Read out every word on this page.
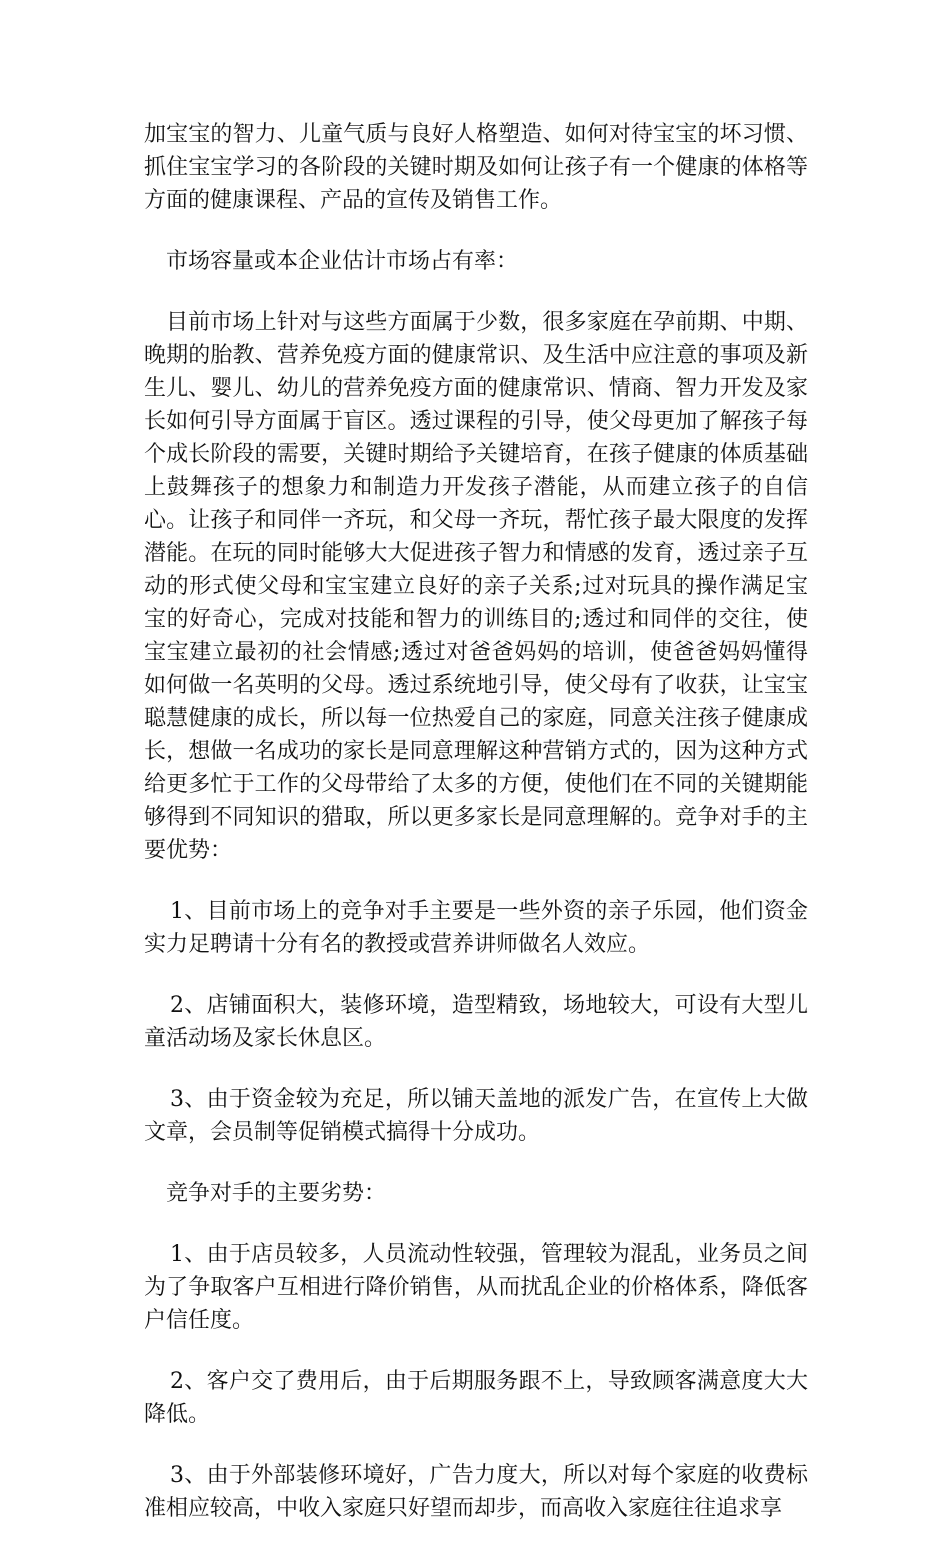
加宝宝的智力、儿童气质与良好人格塑造、如何对待宝宝的坏习惯、抓住宝宝学习的各阶段的关键时期及如何让孩子有一个健康的体格等方面的健康课程、产品的宣传及销售工作。

市场容量或本企业估计市场占有率：

目前市场上针对与这些方面属于少数，很多家庭在孕前期、中期、晚期的胎教、营养免疫方面的健康常识、及生活中应注意的事项及新生儿、婴儿、幼儿的营养免疫方面的健康常识、情商、智力开发及家长如何引导方面属于盲区。透过课程的引导，使父母更加了解孩子每个成长阶段的需要，关键时期给予关键培育，在孩子健康的体质基础上鼓舞孩子的想象力和制造力开发孩子潜能，从而建立孩子的自信心。让孩子和同伴一齐玩，和父母一齐玩，帮忙孩子最大限度的发挥潜能。在玩的同时能够大大促进孩子智力和情感的发育，透过亲子互动的形式使父母和宝宝建立良好的亲子关系;过对玩具的操作满足宝宝的好奇心，完成对技能和智力的训练目的;透过和同伴的交往，使宝宝建立最初的社会情感;透过对爸爸妈妈的培训，使爸爸妈妈懂得如何做一名英明的父母。透过系统地引导，使父母有了收获，让宝宝聪慧健康的成长，所以每一位热爱自己的家庭，同意关注孩子健康成长，想做一名成功的家长是同意理解这种营销方式的，因为这种方式给更多忙于工作的父母带给了太多的方便，使他们在不同的关键期能够得到不同知识的猎取，所以更多家长是同意理解的。竞争对手的主要优势：

1、目前市场上的竞争对手主要是一些外资的亲子乐园，他们资金实力足聘请十分有名的教授或营养讲师做名人效应。

2、店铺面积大，装修环境，造型精致，场地较大，可设有大型儿童活动场及家长休息区。

3、由于资金较为充足，所以铺天盖地的派发广告，在宣传上大做文章，会员制等促销模式搞得十分成功。

竞争对手的主要劣势：

1、由于店员较多，人员流动性较强，管理较为混乱，业务员之间为了争取客户互相进行降价销售，从而扰乱企业的价格体系，降低客户信任度。

2、客户交了费用后，由于后期服务跟不上，导致顾客满意度大大降低。

3、由于外部装修环境好，广告力度大，所以对每个家庭的收费标准相应较高，中收入家庭只好望而却步，而高收入家庭往往追求享
